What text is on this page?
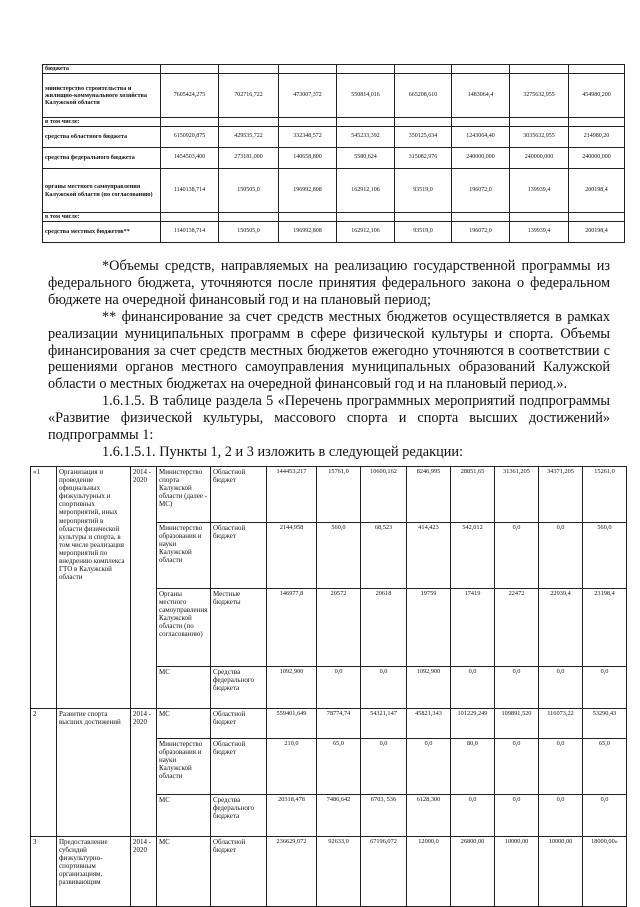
бюджета								
министерство строительства и жилищно-коммунального хозяйства Калужской области	7605424,275	702716,722	473007,372	550814,016	665208,610	1483064,4	3275632,955	454980,200
в том числе:								
средства областного бюджета	6150920,875	429535,722	332348,572	545233,392	350125,634	1243064,40	3035632,955	214980,20
средства федерального бюджета	1454503,400	273181,000	140658,800	5580,624	315082,976	240000,000	240000,000	240000,000
органы местного самоуправления Калужской области (по согласованию)	1140138,714	150505,0	196992,808	162912,106	93519,0	196072,0	139939,4	200198,4
в том числе:								
средства местных бюджетов**	1140138,714	150505,0	196992,808	162912,106	93519,0	196072,0	139939,4	200198,4

*Объемы средств, направляемых на реализацию государственной программы из федерального бюджета, уточняются после принятия федерального закона о федеральном бюджете на очередной финансовый год и на плановый период;

** финансирование за счет средств местных бюджетов осуществляется в рамках реализации муниципальных программ в сфере физической культуры и спорта. Объемы финансирования за счет средств местных бюджетов ежегодно уточняются в соответствии с решениями органов местного самоуправления муниципальных образований Калужской области о местных бюджетах на очередной финансовый год и на плановый период.».

1.6.1.5. В таблице раздела 5 «Перечень программных мероприятий подпрограммы «Развитие физической культуры, массового спорта и спорта высших достижений» подпрограммы 1:

1.6.1.5.1. Пункты 1, 2 и 3 изложить в следующей редакции:

«1	Организация и проведение официальных физкультурных и спортивных мероприятий, иных мероприятий в области физической культуры и спорта, в том числе реализация мероприятий по внедрению комплекса ГТО в Калужской области	2014 - 2020	Министерство спорта Калужской области (далее - МС)	Областной бюджет	144453,217	15761,0	10600,162	8246,995	28851,65	31361,205	34371,205	15261,0
			Министерство образования и науки Калужской области	Областной бюджет	2144,958	560,0	68,523	414,423	542,012	0,0	0,0	560,0
			Органы местного самоуправления Калужской области (по согласованию)	Местные бюджеты	146977,8	20572	20618	19759	17419	22472	22939,4	23198,4
			МС	Средства федерального бюджета	1092,900	0,0	0,0	1092,900	0,0	0,0	0,0	0,0
2	Развитие спорта высших достижений	2014 - 2020	МС	Областной бюджет	559401,649	78774,74	54321,147	45821,343	101229,249	109891,520	116073,22	53290,43
			Министерство образования и науки Калужской области	Областной бюджет	210,0	65,0	0,0	0,0	80,0	0,0	0,0	65,0
			МС	Средства федерального бюджета	20318,478	7486,642	6703, 536	6128,300	0,0	0,0	0,0	0,0
3	Предоставление субсидий физкультурно-спортивным организациям, развивающим	2014 - 2020	МС	Областной бюджет	236629,072	92633,0	67196,072	12000,0	26800,00	10000,00	10000,00	18000,00»
